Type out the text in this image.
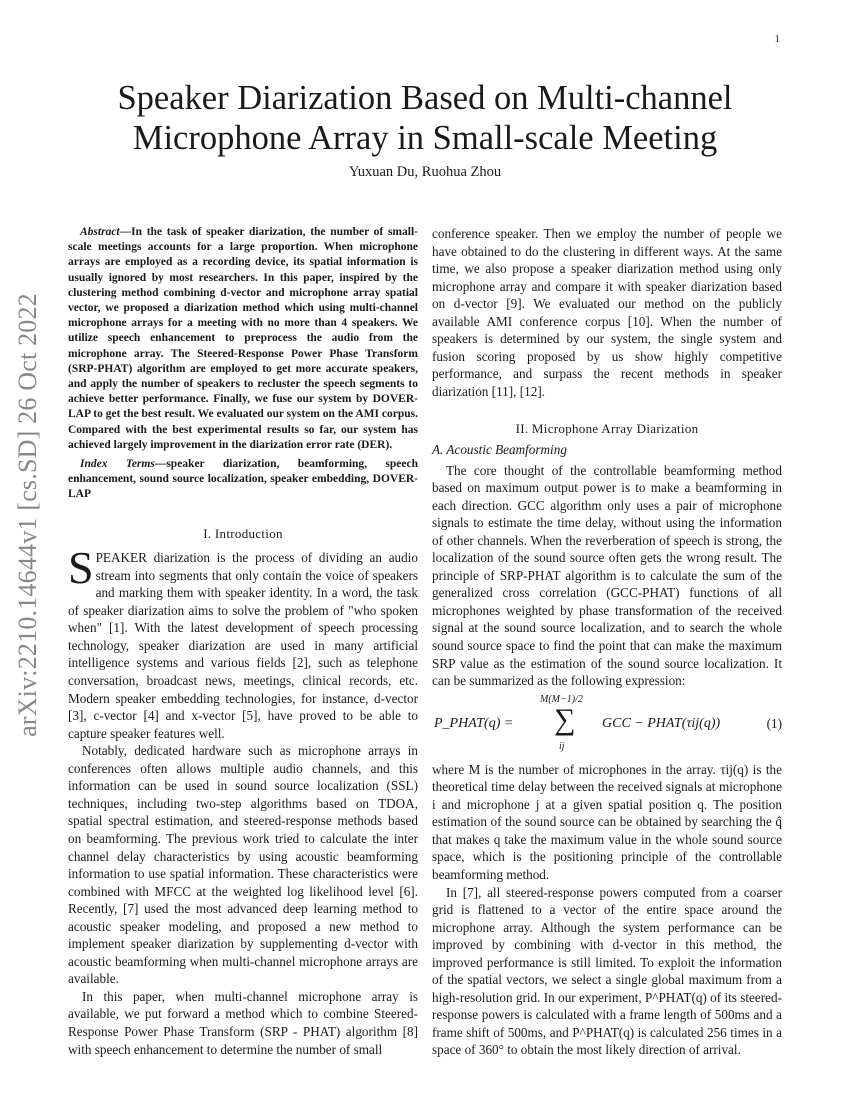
1
arXiv:2210.14644v1 [cs.SD] 26 Oct 2022
Speaker Diarization Based on Multi-channel
Microphone Array in Small-scale Meeting
Yuxuan Du, Ruohua Zhou

Abstract—In the task of speaker diarization, the number of small-scale meetings accounts for a large proportion. When microphone arrays are employed as a recording device, its spatial information is usually ignored by most researchers. In this paper, inspired by the clustering method combining d-vector and microphone array spatial vector, we proposed a diarization method which using multi-channel microphone arrays for a meeting with no more than 4 speakers. We utilize speech enhancement to preprocess the audio from the microphone array. The Steered-Response Power Phase Transform (SRP-PHAT) algorithm are employed to get more accurate speakers, and apply the number of speakers to recluster the speech segments to achieve better performance. Finally, we fuse our system by DOVER-LAP to get the best result. We evaluated our system on the AMI corpus. Compared with the best experimental results so far, our system has achieved largely improvement in the diarization error rate (DER).

Index Terms—speaker diarization, beamforming, speech enhancement, sound source localization, speaker embedding, DOVER-LAP

I. Introduction

SPEAKER diarization is the process of dividing an audio stream into segments that only contain the voice of speakers and marking them with speaker identity. In a word, the task of speaker diarization aims to solve the problem of "who spoken when" [1]. With the latest development of speech processing technology, speaker diarization are used in many artificial intelligence systems and various fields [2], such as telephone conversation, broadcast news, meetings, clinical records, etc. Modern speaker embedding technologies, for instance, d-vector [3], c-vector [4] and x-vector [5], have proved to be able to capture speaker features well.

Notably, dedicated hardware such as microphone arrays in conferences often allows multiple audio channels, and this information can be used in sound source localization (SSL) techniques, including two-step algorithms based on TDOA, spatial spectral estimation, and steered-response methods based on beamforming. The previous work tried to calculate the inter channel delay characteristics by using acoustic beamforming information to use spatial information. These characteristics were combined with MFCC at the weighted log likelihood level [6]. Recently, [7] used the most advanced deep learning method to acoustic speaker modeling, and proposed a new method to implement speaker diarization by supplementing d-vector with acoustic beamforming when multi-channel microphone arrays are available.

In this paper, when multi-channel microphone array is available, we put forward a method which to combine Steered-Response Power Phase Transform (SRP - PHAT) algorithm [8] with speech enhancement to determine the number of small

conference speaker. Then we employ the number of people we have obtained to do the clustering in different ways. At the same time, we also propose a speaker diarization method using only microphone array and compare it with speaker diarization based on d-vector [9]. We evaluated our method on the publicly available AMI conference corpus [10]. When the number of speakers is determined by our system, the single system and fusion scoring proposed by us show highly competitive performance, and surpass the recent methods in speaker diarization [11], [12].

II. Microphone Array Diarization
A. Acoustic Beamforming

The core thought of the controllable beamforming method based on maximum output power is to make a beamforming in each direction. GCC algorithm only uses a pair of microphone signals to estimate the time delay, without using the information of other channels. When the reverberation of speech is strong, the localization of the sound source often gets the wrong result. The principle of SRP-PHAT algorithm is to calculate the sum of the generalized cross correlation (GCC-PHAT) functions of all microphones weighted by phase transformation of the received signal at the sound source localization, and to search the whole sound source space to find the point that can make the maximum SRP value as the estimation of the sound source localization. It can be summarized as the following expression:

P_PHAT(q) =
M(M−1)/2
∑
ij
GCC − PHAT(τij(q))	(1)

where M is the number of microphones in the array. τij(q) is the theoretical time delay between the received signals at microphone i and microphone j at a given spatial position q. The position estimation of the sound source can be obtained by searching the q̂ that makes q take the maximum value in the whole sound source space, which is the positioning principle of the controllable beamforming method.

In [7], all steered-response powers computed from a coarser grid is flattened to a vector of the entire space around the microphone array. Although the system performance can be improved by combining with d-vector in this method, the improved performance is still limited. To exploit the information of the spatial vectors, we select a single global maximum from a high-resolution grid. In our experiment, P^PHAT(q) of its steered-response powers is calculated with a frame length of 500ms and a frame shift of 500ms, and P^PHAT(q) is calculated 256 times in a space of 360° to obtain the most likely direction of arrival.
